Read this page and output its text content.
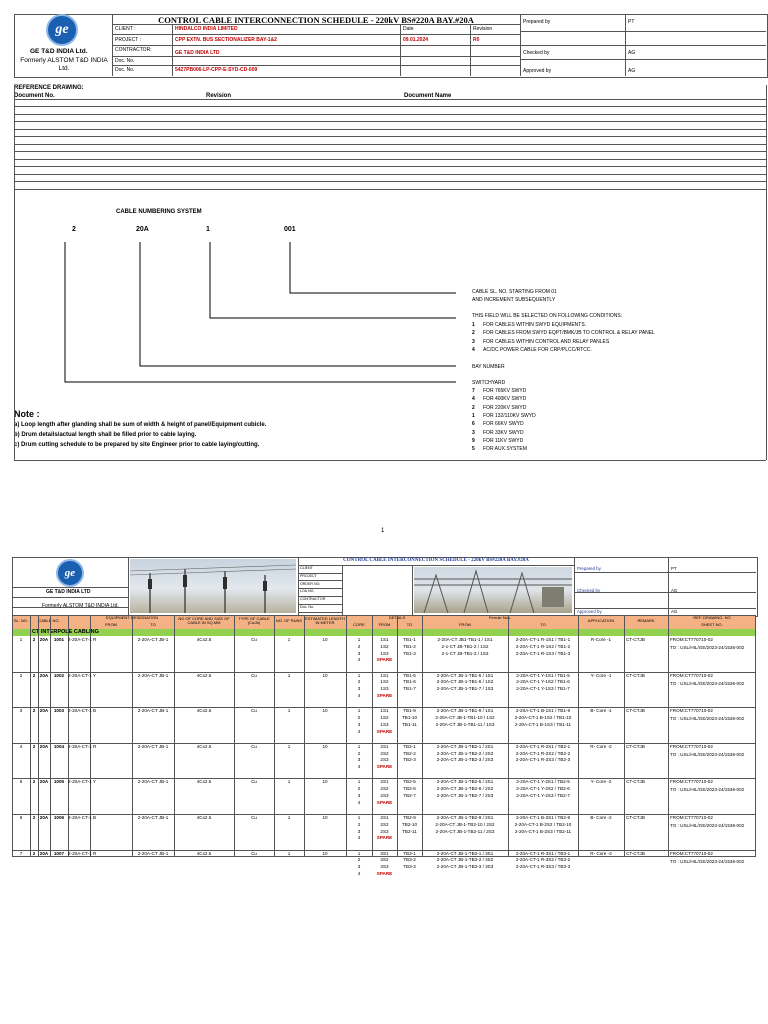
ge
GE T&D INDIA Ltd.
Formerly ALSTOM T&D INDIA Ltd.
CONTROL CABLE INTERCONNECTION SCHEDULE - 220kV BS#220A BAY.#20A
CLIENT :	HINDALCO INDIA LIMITED
PROJECT :	CPP EXTN. BUS SECTIONALIZER BAY-1&2
CONTRACTOR:	GE T&D INDIA LTD
Doc. No.
Doc. No.	5427PB006-LP-CPP-E-SYD-CD-009
Date
09.01.2024
Revision
R0
Prepared by	PT
Checked by	AG
Approved by	AG
REFERENCE DRAWING:
Document No.	Revision	Document Name
CABLE NUMBERING SYSTEM
2	20A	1	001
CABLE SL. NO. STARTING FROM 01
AND INCREMENT SUBSEQUENTLY
THIS FIELD WILL BE SELECTED ON FOLLOWING CONDITIONS:
1 FOR CABLES WITHIN SWYD EQUIPMENTS.
2 FOR CABLES FROM SWYD EQPT/BMK/JB TO CONTROL & RELAY PANEL
3 FOR CABLES WITHIN CONTROL AND RELAY PANLES
4 AC/DC POWER CABLE FOR CRP/PLCC/RTCC.
BAY NUMBER
SWITCHYARD
7 FOR 765KV SWYD
4 FOR 400KV SWYD
2 FOR 220KV SWYD
1 FOR 132/110KV SWYD
6 FOR 66KV SWYD
3 FOR 33KV SWYD
9 FOR 11KV SWYD
5 FOR AUX.SYSTEM
Note :
a) Loop length after glanding shall be sum of width & height of panel/Equipment cubicle.
b) Drum details/actual length shall be filled prior to cable laying.
c) Drum cutting schedule to be prepared by site Engineer prior to cable laying/cutting.
1
ge
GE T&D INDIA LTD
Formerly ALSTOM T&D INDIA Ltd.
CONTROL CABLE INTERCONNECTION SCHEDULE - 220kV BS#220A BAY.#20A
CLIENT
PROJECT
ORDER NO.
LOA NO.
CONTRACTOR
Doc. No.
Prepared by	PT
Checked by	AG
Approved by	AG
SL. NO.	CABLE NO.
EQUIPMENT DESIGNATION
FROM	TO
NO OF CORE AND SIZE OF CABLE IN SQ.MM
TYPE OF CABLE (Cu/Al)	NO. OF RUNS ESTIMATED LENGTH IN METER
DETAILS
CORE	FROM	TO
Ferrule Nos.
FROM	TO
APPLICATION	REMARK
REF. DRAWING. NO
SHEET NO.
CT INTERPOLE CABLING
1	2 20A	1001 2-20A-CT-1 R	2-20A-CT JB-1	4Cx2.5	Cu	1	10	R-Core -1	CT-CTJB	FROM:CT770710-02
TO : USL/HIL/GE/2023-24/1536-002
1	1S1	TB1-1	2-20A-CT JB1-TB1-1 / 1S1	2-20A-CT-1 R-1S1 / TB1-1
2	1S2	TB1-2	2-1-CT JB-TB1-2 / 1S2	2-20A-CT-1 R-1S2 / TB1-2
3	1S3	TB1-3	2-1-CT JB-TB1-3 / 1S3	2-20A-CT-1 R-1S3 / TB1-3
4	SPARE
2	2 20A	1002 2-20A-CT-1 Y	2-20A-CT JB-1	4Cx2.5	Cu	1	10	Y- Core -1	CT-CTJB	FROM:CT770710-02
TO : USL/HIL/GE/2023-24/1536-002
1	1S1	TB1-5	2-20A-CT JB-1-TB1-5 / 1S1	2-20A-CT-1 Y-1S1 / TB1-5
2	1S2	TB1-6	2-20A-CT JB-1-TB1-6 / 1S2	2-20A-CT-1 Y-1S2 / TB1-6
3	1S3	TB1-7	2-20A-CT JB-1-TB1-7 / 1S3	2-20A-CT-1 Y-1S3 / TB1-7
4	SPARE
3	2 20A	1003 2-20A-CT-1 B	2-20A-CT JB-1	4Cx2.5	Cu	1	10	B- Core -1	CT-CTJB	FROM:CT770710-02
TO : USL/HIL/GE/2023-24/1536-002
1	1S1	TB1-9	2-20A-CT JB-1-TB1-9 / 1S1	2-20A-CT-1 B-1S1 / TB1-9
2	1S2	TB1-10	2-20A-CT JB-1-TB1-10 / 1S2	2-20A-CT-1 B-1S2 / TB1-10
3	1S3	TB1-11	2-20A-CT JB-1-TB1-11 / 1S3	2-20A-CT-1 B-1S3 / TB1-11
4	SPARE
4	2 20A	1004 2-20A-CT-1 R	2-20A-CT JB-1	4Cx2.5	Cu	1	10	R- Core -2	CT-CTJB	FROM:CT770710-02
TO : USL/HIL/GE/2023-24/1536-002
1	2S1	TB2-1	2-20A-CT JB-1-TB2-1 / 2S1	2-20A-CT-1 R-2S1 / TB2-1
2	2S2	TB2-2	2-20A-CT JB-1-TB2-2 / 2S2	2-20A-CT-1 R-2S2 / TB2-2
3	2S3	TB2-3	2-20A-CT JB-1-TB2-3 / 2S3	2-20A-CT-1 R-2S3 / TB2-3
4	SPARE
5	2 20A	1005 2-20A-CT-1 Y	2-20A-CT JB-1	4Cx2.5	Cu	1	10	Y- Core -2	CT-CTJB	FROM:CT770710-02
TO : USL/HIL/GE/2023-24/1536-002
1	2S1	TB2-5	2-20A-CT JB-1-TB2-5 / 2S1	2-20A-CT-1 Y-2S1 / TB2-5
2	2S2	TB2-6	2-20A-CT JB-1-TB2-6 / 2S2	2-20A-CT-1 Y-2S2 / TB2-6
3	2S3	TB2-7	2-20A-CT JB-1-TB2-7 / 2S3	2-20A-CT-1 Y-2S3 / TB2-7
4	SPARE
6	2 20A	1006 2-20A-CT-1 B	2-20A-CT JB-1	4Cx2.5	Cu	1	10	B- Core -2	CT-CTJB	FROM:CT770710-02
TO : USL/HIL/GE/2023-24/1536-002
1	2S1	TB2-9	2-20A-CT JB-1-TB2-9 / 2S1	2-20A-CT-1 B-2S1 / TB2-9
2	2S2	TB2-10	2-20A-CT JB-1-TB2-10 / 2S2	2-20A-CT-1 B-2S2 / TB2-10
3	2S3	TB2-11	2-20A-CT JB-1-TB2-11 / 2S3	2-20A-CT-1 B-2S3 / TB2-11
4	SPARE
7	2 20A	1007 2-20A-CT-1 R	2-20A-CT JB-1	4Cx2.5	Cu	1	10	R- Core -3	CT-CTJB	FROM:CT770710-02
TO : USL/HIL/GE/2023-24/1536-002
1	3S1	TB3-1	2-20A-CT JB-1-TB3-1 / 3S1	2-20A-CT-1 R-3S1 / TB3-1
2	3S2	TB3-2	2-20A-CT JB-1-TB3-2 / 3S2	2-20A-CT-1 R-3S2 / TB3-2
3	3S3	TB3-3	2-20A-CT JB-1-TB3-3 / 3S3	2-20A-CT-1 R-3S3 / TB3-3
4	SPARE
